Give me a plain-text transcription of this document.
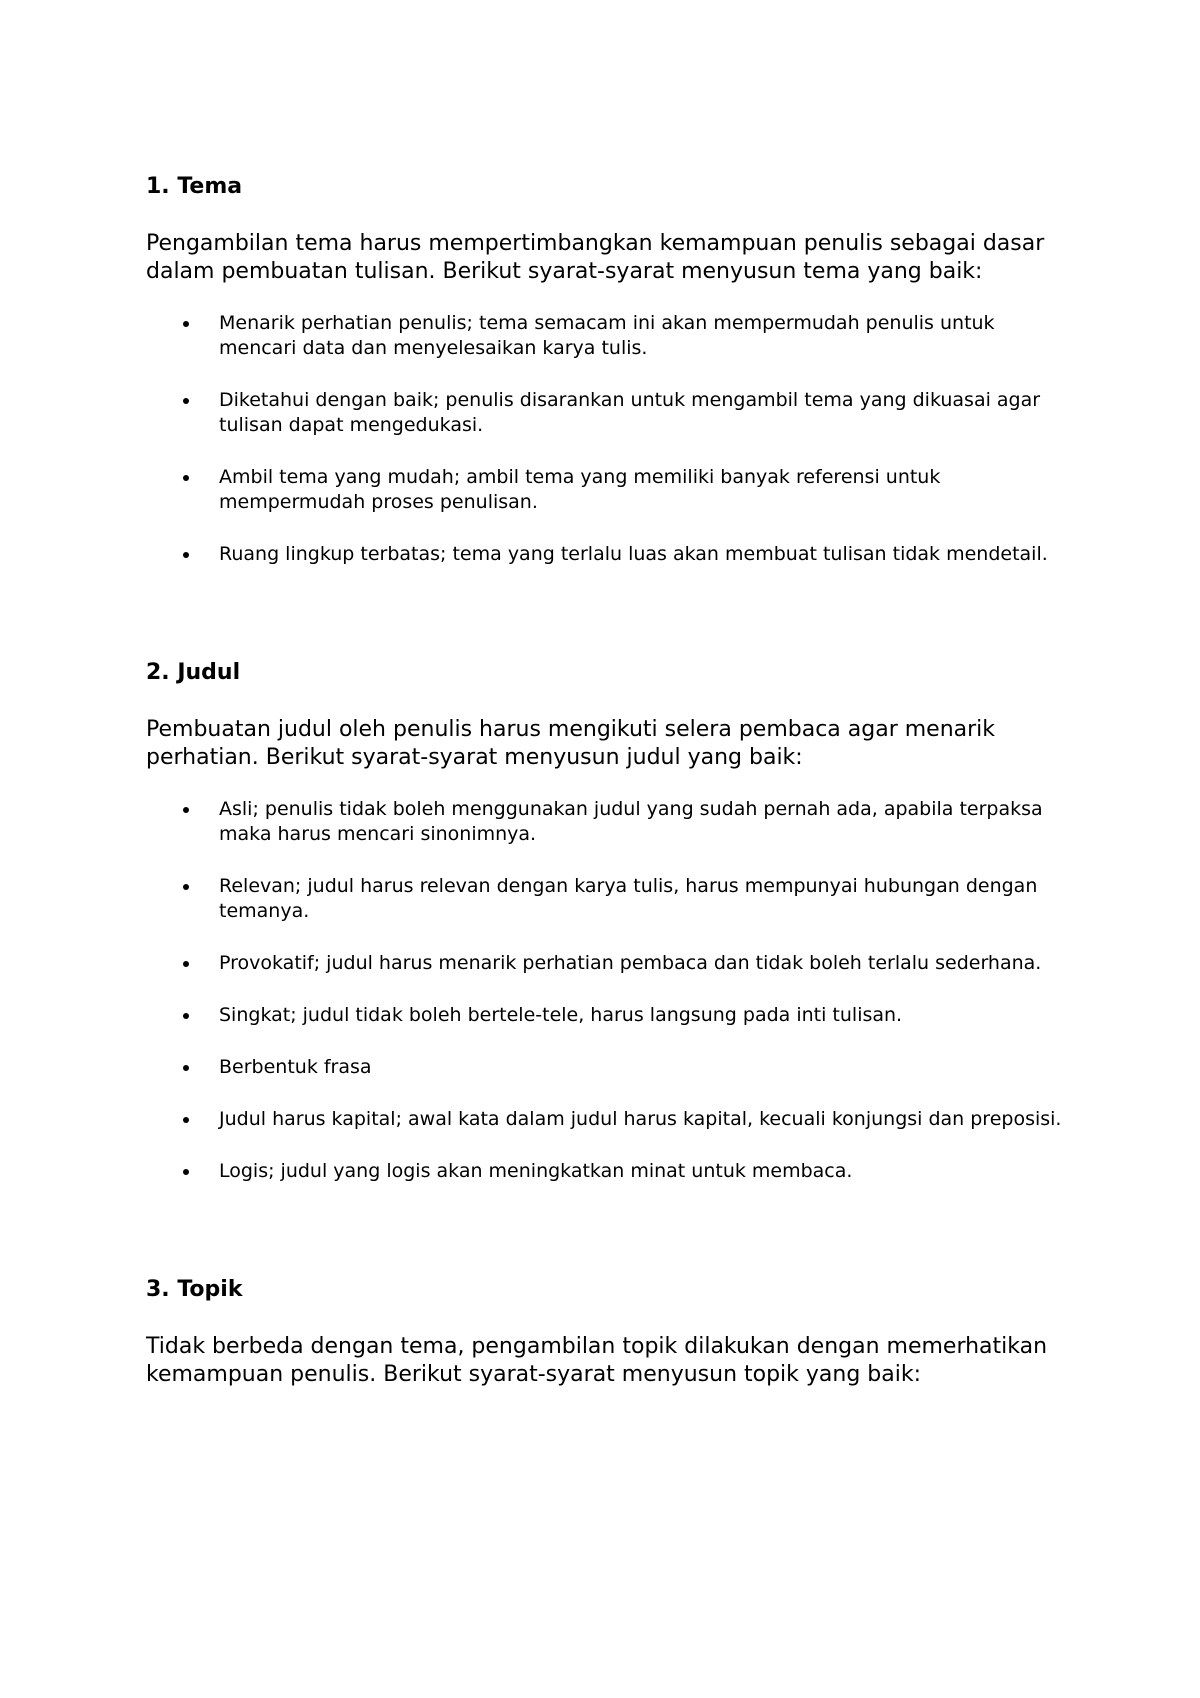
1. Tema

Pengambilan tema harus mempertimbangkan kemampuan penulis sebagai dasar dalam pembuatan tulisan. Berikut syarat-syarat menyusun tema yang baik:

Menarik perhatian penulis; tema semacam ini akan mempermudah penulis untuk mencari data dan menyelesaikan karya tulis.
Diketahui dengan baik; penulis disarankan untuk mengambil tema yang dikuasai agar tulisan dapat mengedukasi.
Ambil tema yang mudah; ambil tema yang memiliki banyak referensi untuk mempermudah proses penulisan.
Ruang lingkup terbatas; tema yang terlalu luas akan membuat tulisan tidak mendetail.
2. Judul

Pembuatan judul oleh penulis harus mengikuti selera pembaca agar menarik perhatian. Berikut syarat-syarat menyusun judul yang baik:

Asli; penulis tidak boleh menggunakan judul yang sudah pernah ada, apabila terpaksa maka harus mencari sinonimnya.
Relevan; judul harus relevan dengan karya tulis, harus mempunyai hubungan dengan temanya.
Provokatif; judul harus menarik perhatian pembaca dan tidak boleh terlalu sederhana.
Singkat; judul tidak boleh bertele-tele, harus langsung pada inti tulisan.
Berbentuk frasa
Judul harus kapital; awal kata dalam judul harus kapital, kecuali konjungsi dan preposisi.
Logis; judul yang logis akan meningkatkan minat untuk membaca.
3. Topik

Tidak berbeda dengan tema, pengambilan topik dilakukan dengan memerhatikan kemampuan penulis. Berikut syarat-syarat menyusun topik yang baik:
